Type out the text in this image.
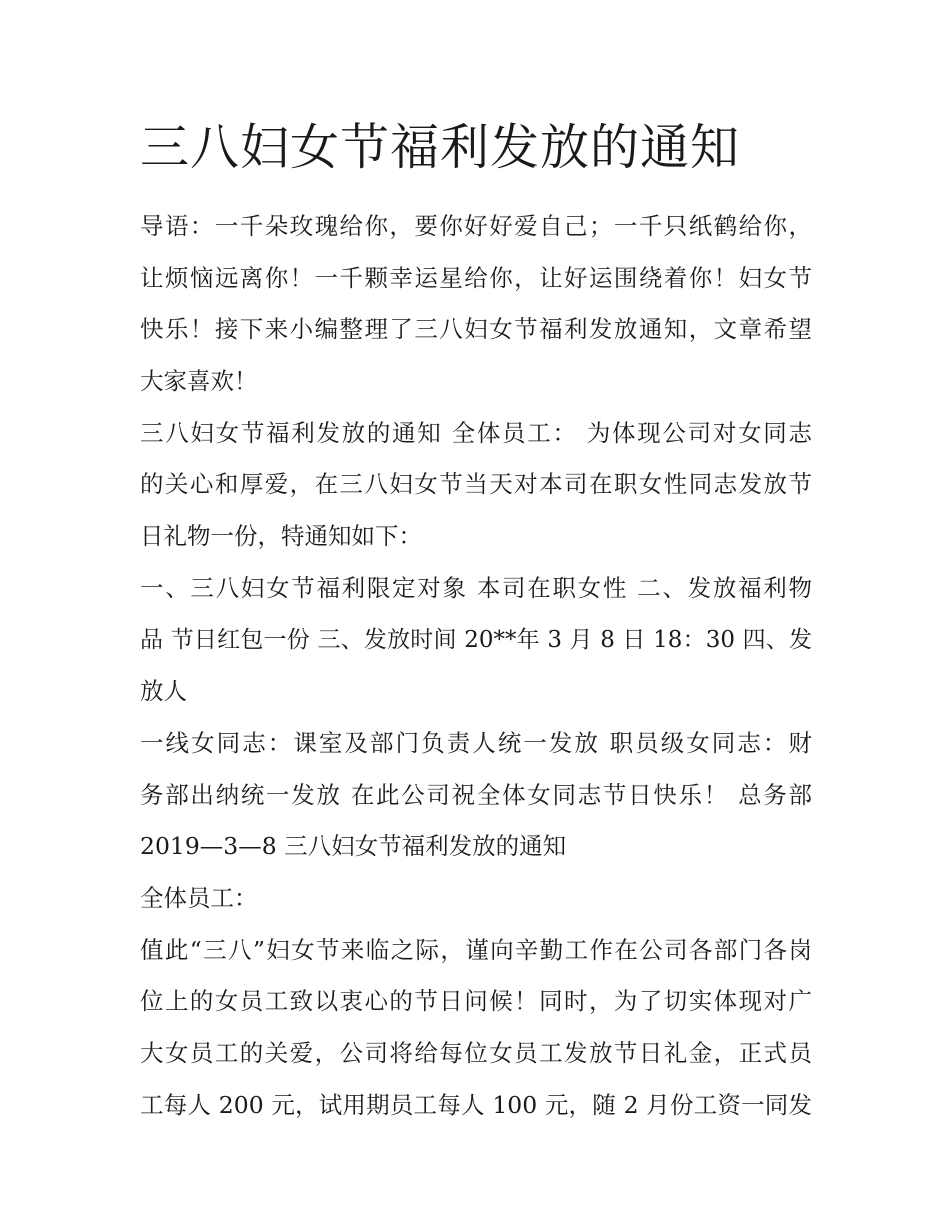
三八妇女节福利发放的通知
导语：一千朵玫瑰给你，要你好好爱自己；一千只纸鹤给你，
让烦恼远离你！一千颗幸运星给你，让好运围绕着你！妇女节
快乐！接下来小编整理了三八妇女节福利发放通知，文章希望
大家喜欢！
三八妇女节福利发放的通知 全体员工： 为体现公司对女同志
的关心和厚爱，在三八妇女节当天对本司在职女性同志发放节
日礼物一份，特通知如下：
一、三八妇女节福利限定对象 本司在职女性 二、发放福利物
品 节日红包一份 三、发放时间 20**年 3 月 8 日 18：30 四、发
放人
一线女同志：课室及部门负责人统一发放 职员级女同志：财
务部出纳统一发放 在此公司祝全体女同志节日快乐！ 总务部
2019—3—8 三八妇女节福利发放的通知
全体员工：
值此“三八”妇女节来临之际，谨向辛勤工作在公司各部门各岗
位上的女员工致以衷心的节日问候！同时，为了切实体现对广
大女员工的关爱，公司将给每位女员工发放节日礼金，正式员
工每人 200 元，试用期员工每人 100 元，随 2 月份工资一同发
